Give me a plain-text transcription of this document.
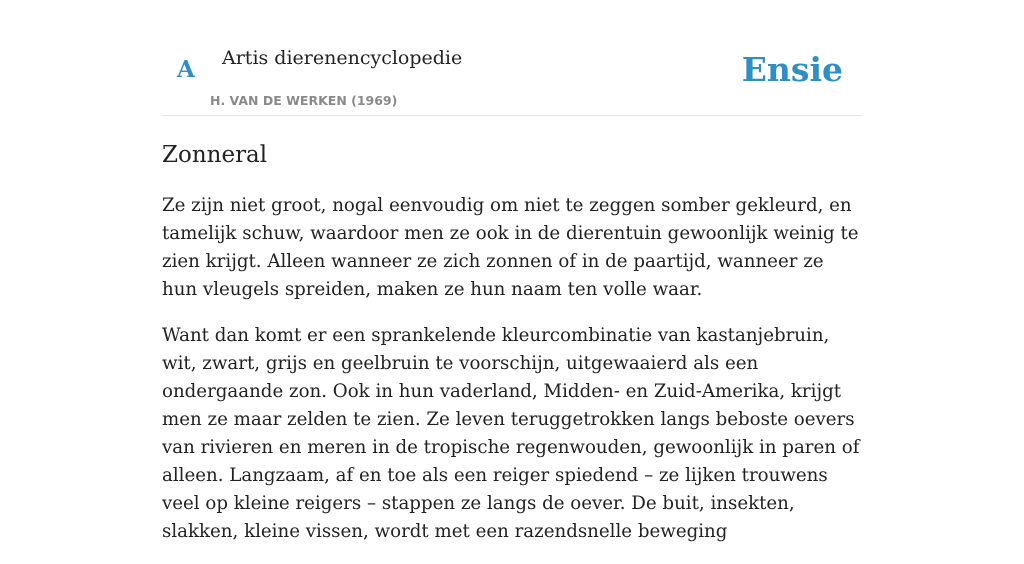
A Artis dierenencyclopedie
H. VAN DE WERKEN (1969)
Ensie
Zonneral

Ze zijn niet groot, nogal eenvoudig om niet te zeggen somber gekleurd, en tamelijk schuw, waardoor men ze ook in de dierentuin gewoonlijk weinig te zien krijgt. Alleen wanneer ze zich zonnen of in de paartijd, wanneer ze hun vleugels spreiden, maken ze hun naam ten volle waar.

Want dan komt er een sprankelende kleurcombinatie van kastanjebruin, wit, zwart, grijs en geelbruin te voorschijn, uitgewaaierd als een ondergaande zon. Ook in hun vaderland, Midden- en Zuid-Amerika, krijgt men ze maar zelden te zien. Ze leven teruggetrokken langs beboste oevers van rivieren en meren in de tropische regenwouden, gewoonlijk in paren of alleen. Langzaam, af en toe als een reiger spiedend – ze lijken trouwens veel op kleine reigers – stappen ze langs de oever. De buit, insekten, slakken, kleine vissen, wordt met een razendsnelle beweging
